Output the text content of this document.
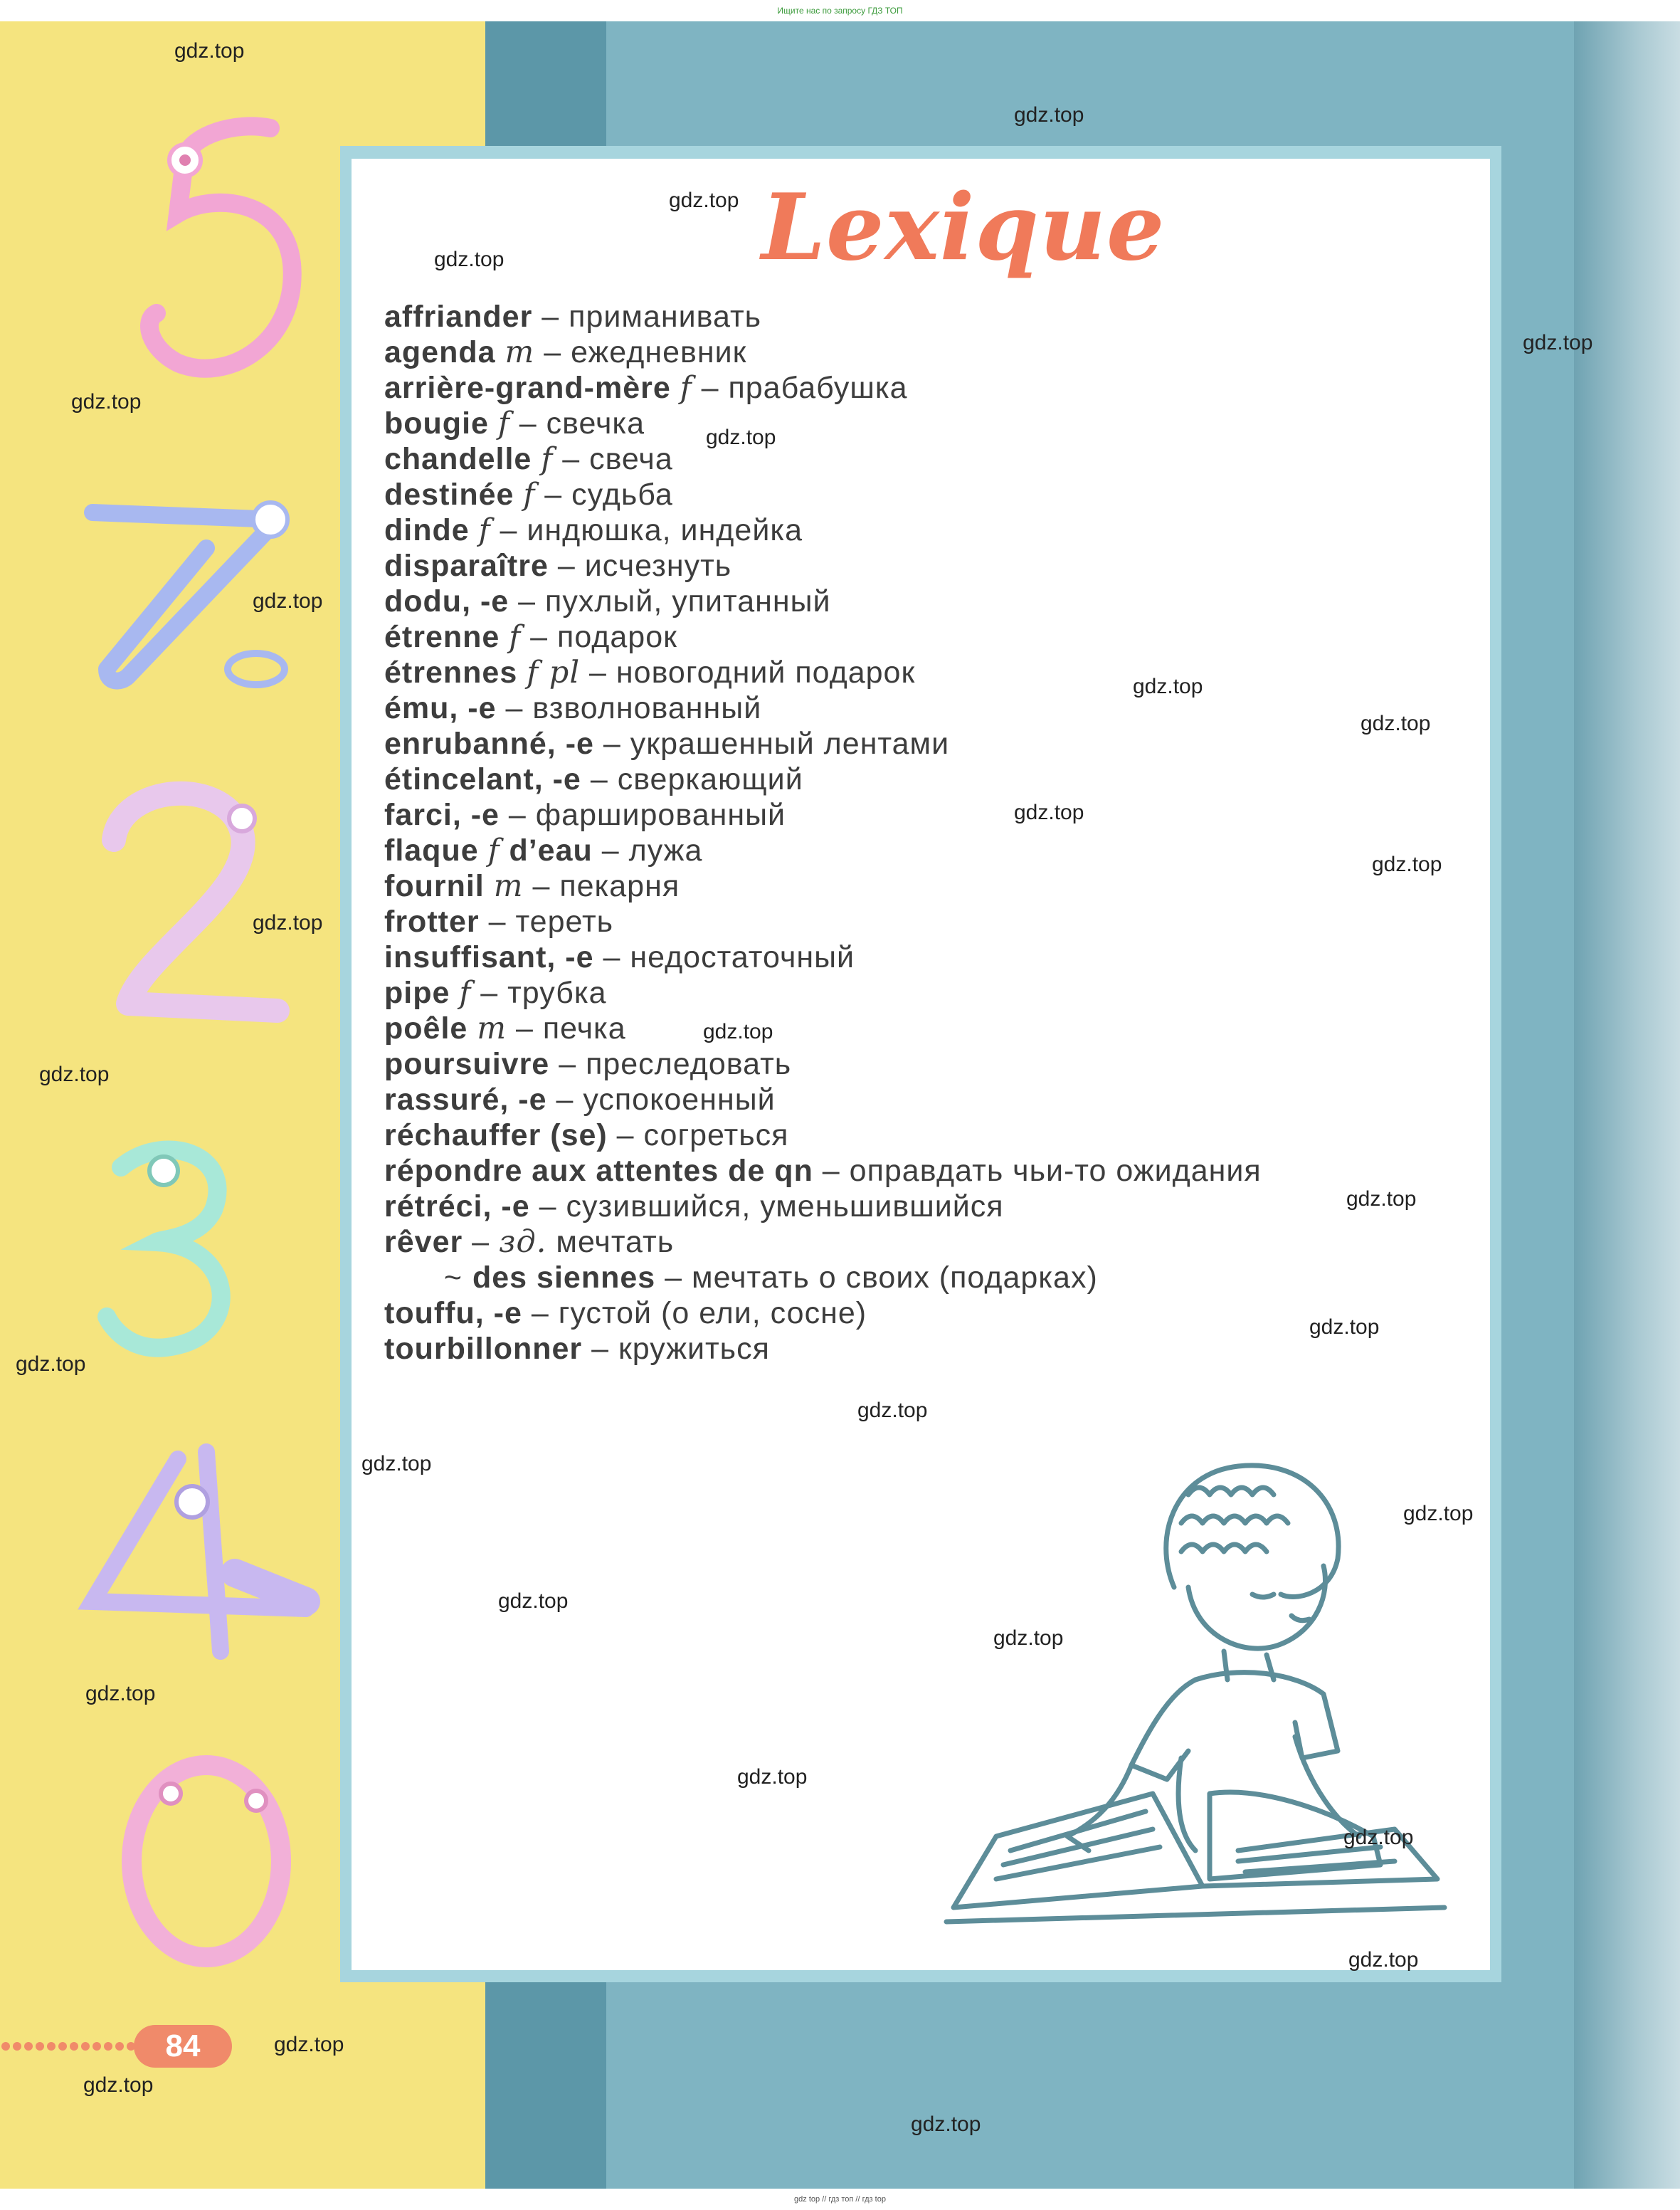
Ищите нас по запросу ГДЗ ТОП
Lexique
affriander – приманивать
agenda m – ежедневник
arrière-grand-mère f – прабабушка
bougie f – свечка
chandelle f – свеча
destinée f – судьба
dinde f – индюшка, индейка
disparaître – исчезнуть
dodu, -e – пухлый, упитанный
étrenne f – подарок
étrennes f pl – новогодний подарок
ému, -e – взволнованный
enrubanné, -e – украшенный лентами
étincelant, -e – сверкающий
farci, -e – фаршированный
flaque f d’eau – лужа
fournil m – пекарня
frotter – тереть
insuffisant, -e – недостаточный
pipe f – трубка
poêle m – печка
poursuivre – преследовать
rassuré, -e – успокоенный
réchauffer (se) – согреться
répondre aux attentes de qn – оправдать чьи-то ожидания
rétréci, -e – сузившийся, уменьшившийся
rêver – зд. мечтать
~ des siennes – мечтать о своих (подарках)
touffu, -e – густой (о ели, сосне)
tourbillonner – кружиться
84
gdz.top
gdz.top
gdz.top
gdz.top
gdz.top
gdz.top
gdz.top
gdz.top
gdz.top
gdz.top
gdz.top
gdz.top
gdz.top
gdz.top
gdz.top
gdz.top
gdz.top
gdz.top
gdz.top
gdz.top
gdz.top
gdz.top
gdz.top
gdz.top
gdz.top
gdz.top
gdz.top
gdz.top
gdz.top
gdz.top
gdz top // гдз топ // гдз top
